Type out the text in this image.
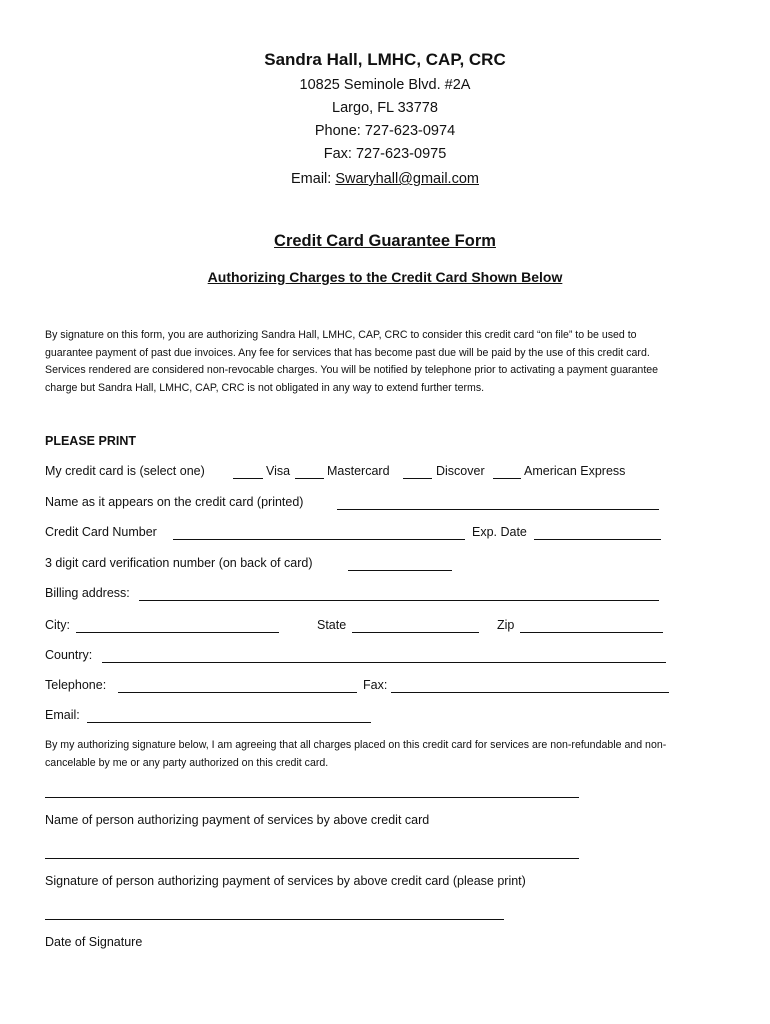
Sandra Hall, LMHC, CAP, CRC
10825 Seminole Blvd. #2A
Largo, FL 33778
Phone: 727-623-0974
Fax: 727-623-0975
Email: Swaryhall@gmail.com
Credit Card Guarantee Form
Authorizing Charges to the Credit Card Shown Below
By signature on this form, you are authorizing Sandra Hall, LMHC, CAP, CRC to consider this credit card “on file” to be used to
guarantee payment of past due invoices. Any fee for services that has become past due will be paid by the use of this credit card.
Services rendered are considered non-revocable charges. You will be notified by telephone prior to activating a payment guarantee
charge but Sandra Hall, LMHC, CAP, CRC is not obligated in any way to extend further terms.
PLEASE PRINT
My credit card is (select one)	Visa	Mastercard	Discover	American Express
Name as it appears on the credit card (printed)
Credit Card Number	Exp. Date
3 digit card verification number (on back of card)
Billing address:
City:	State	Zip
Country:
Telephone:	Fax:
Email:
By my authorizing signature below, I am agreeing that all charges placed on this credit card for services are non-refundable and non-
cancelable by me or any party authorized on this credit card.
Name of person authorizing payment of services by above credit card
Signature of person authorizing payment of services by above credit card (please print)
Date of Signature
